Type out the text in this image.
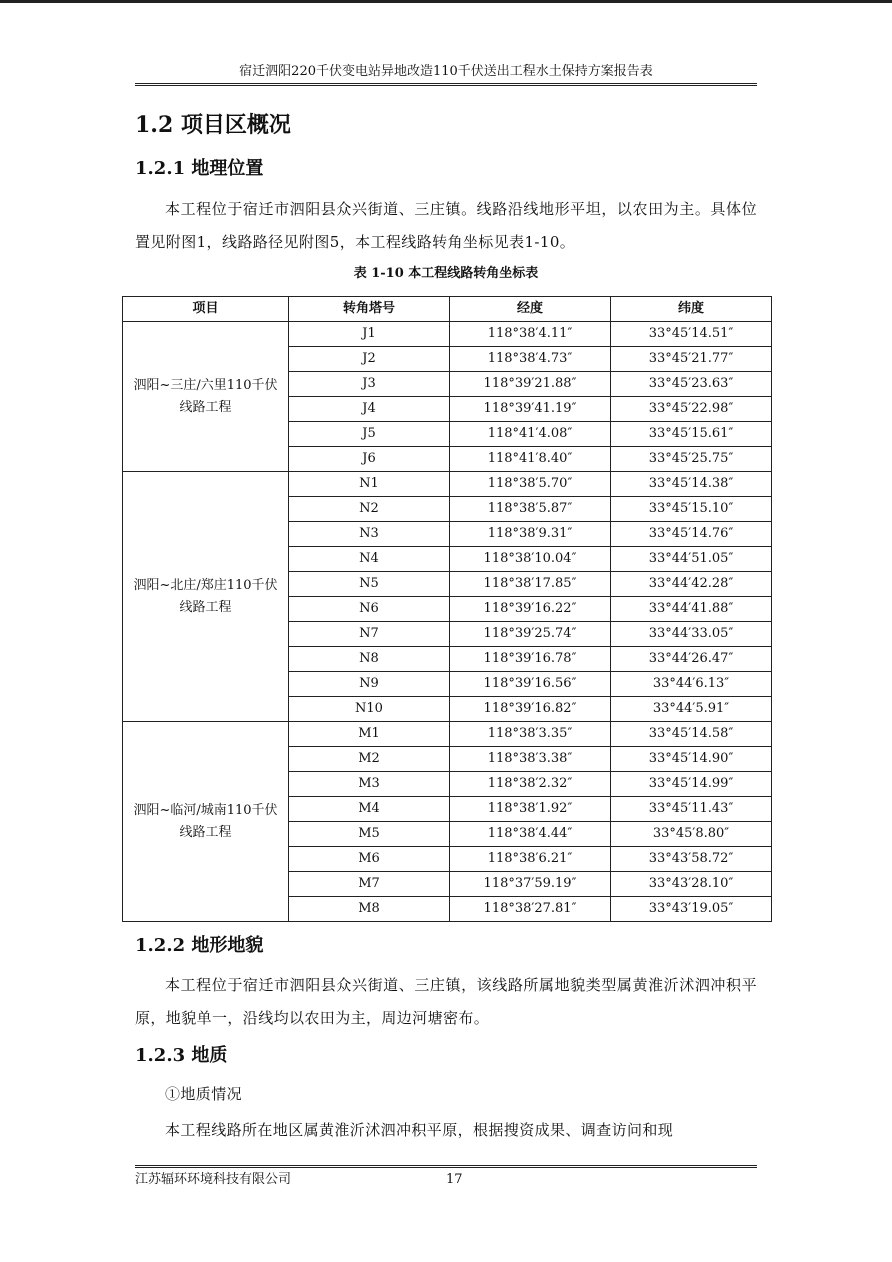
宿迁泗阳220千伏变电站异地改造110千伏送出工程水土保持方案报告表
1.2 项目区概况
1.2.1 地理位置

本工程位于宿迁市泗阳县众兴街道、三庄镇。线路沿线地形平坦，以农田为主。具体位置见附图1，线路路径见附图5，本工程线路转角坐标见表1-10。

表 1-10 本工程线路转角坐标表
项目	转角塔号	经度	纬度
泗阳~三庄/六里110千伏线路工程	J1	118°38′4.11″	33°45′14.51″
	J2	118°38′4.73″	33°45′21.77″
	J3	118°39′21.88″	33°45′23.63″
	J4	118°39′41.19″	33°45′22.98″
	J5	118°41′4.08″	33°45′15.61″
	J6	118°41′8.40″	33°45′25.75″
泗阳~北庄/郑庄110千伏线路工程	N1	118°38′5.70″	33°45′14.38″
	N2	118°38′5.87″	33°45′15.10″
	N3	118°38′9.31″	33°45′14.76″
	N4	118°38′10.04″	33°44′51.05″
	N5	118°38′17.85″	33°44′42.28″
	N6	118°39′16.22″	33°44′41.88″
	N7	118°39′25.74″	33°44′33.05″
	N8	118°39′16.78″	33°44′26.47″
	N9	118°39′16.56″	33°44′6.13″
	N10	118°39′16.82″	33°44′5.91″
泗阳~临河/城南110千伏线路工程	M1	118°38′3.35″	33°45′14.58″
	M2	118°38′3.38″	33°45′14.90″
	M3	118°38′2.32″	33°45′14.99″
	M4	118°38′1.92″	33°45′11.43″
	M5	118°38′4.44″	33°45′8.80″
	M6	118°38′6.21″	33°43′58.72″
	M7	118°37′59.19″	33°43′28.10″
	M8	118°38′27.81″	33°43′19.05″
1.2.2 地形地貌

本工程位于宿迁市泗阳县众兴街道、三庄镇，该线路所属地貌类型属黄淮沂沭泗冲积平原，地貌单一，沿线均以农田为主，周边河塘密布。

1.2.3 地质

①地质情况

本工程线路所在地区属黄淮沂沭泗冲积平原，根据搜资成果、调查访问和现

江苏辐环环境科技有限公司	17
